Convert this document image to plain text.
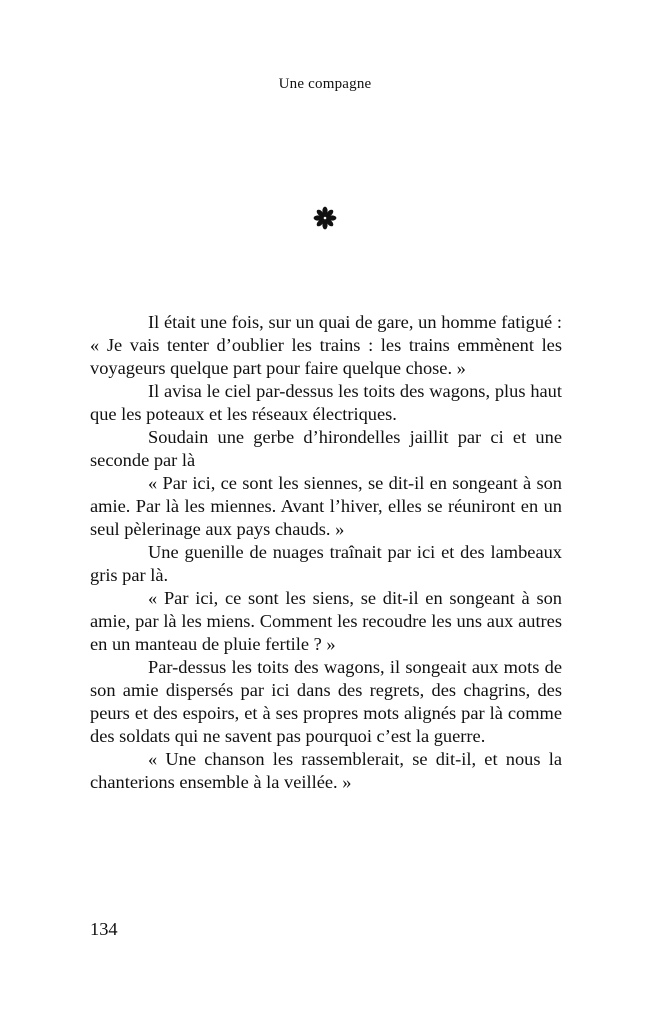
Une compagne

Il était une fois, sur un quai de gare, un homme fatigué : « Je vais tenter d’oublier les trains : les trains emmènent les voyageurs quelque part pour faire quelque chose. »

Il avisa le ciel par-dessus les toits des wagons, plus haut que les poteaux et les réseaux électriques.

Soudain une gerbe d’hirondelles jaillit par ci et une seconde par là

« Par ici, ce sont les siennes, se dit-il en songeant à son amie. Par là les miennes. Avant l’hiver, elles se réuniront en un seul pèlerinage aux pays chauds. »

Une guenille de nuages traînait par ici et des lambeaux gris par là.

« Par ici, ce sont les siens, se dit-il en songeant à son amie, par là les miens. Comment les recoudre les uns aux autres en un manteau de pluie fertile ? »

Par-dessus les toits des wagons, il songeait aux mots de son amie dispersés par ici dans des regrets, des chagrins, des peurs et des espoirs, et à ses propres mots alignés par là comme des soldats qui ne savent pas pourquoi c’est la guerre.

« Une chanson les rassemblerait, se dit-il, et nous la chanterions ensemble à la veillée. »

134
